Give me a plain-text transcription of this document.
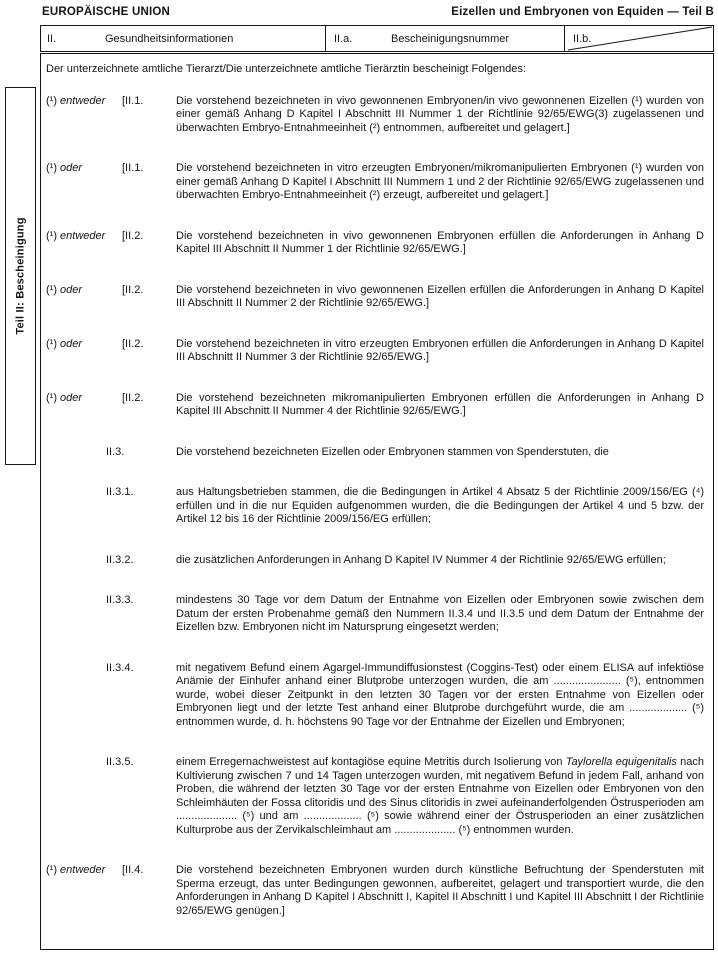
EUROPÄISCHE UNION	Eizellen und Embryonen von Equiden — Teil B
II.	Gesundheitsinformationen	II.a.	Bescheinigungsnummer	II.b.
Teil II: Bescheinigung
Der unterzeichnete amtliche Tierarzt/Die unterzeichnete amtliche Tierärztin bescheinigt Folgendes:
(¹) entweder	[II.1.	Die vorstehend bezeichneten in vivo gewonnenen Embryonen/in vivo gewonnenen Eizellen (¹) wurden von einer gemäß Anhang D Kapitel I Abschnitt III Nummer 1 der Richtlinie 92/65/EWG(3) zugelassenen und überwachten Embryo-Entnahmeeinheit (²) entnommen, aufbereitet und gelagert.]
(¹) oder	[II.1.	Die vorstehend bezeichneten in vitro erzeugten Embryonen/mikromanipulierten Embryonen (¹) wurden von einer gemäß Anhang D Kapitel I Abschnitt III Nummern 1 und 2 der Richtlinie 92/65/EWG zugelassenen und überwachten Embryo-Entnahmeeinheit (²) erzeugt, aufbereitet und gelagert.]
(¹) entweder	[II.2.	Die vorstehend bezeichneten in vivo gewonnenen Embryonen erfüllen die Anforderungen in Anhang D Kapitel III Abschnitt II Nummer 1 der Richtlinie 92/65/EWG.]
(¹) oder	[II.2.	Die vorstehend bezeichneten in vivo gewonnenen Eizellen erfüllen die Anforderungen in Anhang D Kapitel III Abschnitt II Nummer 2 der Richtlinie 92/65/EWG.]
(¹) oder	[II.2.	Die vorstehend bezeichneten in vitro erzeugten Embryonen erfüllen die Anforderungen in Anhang D Kapitel III Abschnitt II Nummer 3 der Richtlinie 92/65/EWG.]
(¹) oder	[II.2.	Die vorstehend bezeichneten mikromanipulierten Embryonen erfüllen die Anforderungen in Anhang D Kapitel III Abschnitt II Nummer 4 der Richtlinie 92/65/EWG.]
II.3.	Die vorstehend bezeichneten Eizellen oder Embryonen stammen von Spenderstuten, die
II.3.1.	aus Haltungsbetrieben stammen, die die Bedingungen in Artikel 4 Absatz 5 der Richtlinie 2009/156/EG (⁴) erfüllen und in die nur Equiden aufgenommen wurden, die die Bedingungen der Artikel 4 und 5 bzw. der Artikel 12 bis 16 der Richtlinie 2009/156/EG erfüllen;
II.3.2.	die zusätzlichen Anforderungen in Anhang D Kapitel IV Nummer 4 der Richtlinie 92/65/EWG erfüllen;
II.3.3.	mindestens 30 Tage vor dem Datum der Entnahme von Eizellen oder Embryonen sowie zwischen dem Datum der ersten Probenahme gemäß den Nummern II.3.4 und II.3.5 und dem Datum der Entnahme der Eizellen bzw. Embryonen nicht im Natursprung eingesetzt werden;
II.3.4.	mit negativem Befund einem Agargel-Immundiffusionstest (Coggins-Test) oder einem ELISA auf infektiöse Anämie der Einhufer anhand einer Blutprobe unterzogen wurden, die am ...................... (⁵), entnommen wurde, wobei dieser Zeitpunkt in den letzten 30 Tagen vor der ersten Entnahme von Eizellen oder Embryonen liegt und der letzte Test anhand einer Blutprobe durchgeführt wurde, die am ................... (⁵) entnommen wurde, d. h. höchstens 90 Tage vor der Entnahme der Eizellen und Embryonen;
II.3.5.	einem Erregernachweistest auf kontagiöse equine Metritis durch Isolierung von Taylorella equigenitalis nach Kultivierung zwischen 7 und 14 Tagen unterzogen wurden, mit negativem Befund in jedem Fall, anhand von Proben, die während der letzten 30 Tage vor der ersten Entnahme von Eizellen oder Embryonen von den Schleimhäuten der Fossa clitoridis und des Sinus clitoridis in zwei aufeinanderfolgenden Östrusperioden am .................... (⁵) und am ................... (⁵) sowie während einer der Östrusperioden an einer zusätzlichen Kulturprobe aus der Zervikalschleimhaut am .................... (⁵) entnommen wurden.
(¹) entweder	[II.4.	Die vorstehend bezeichneten Embryonen wurden durch künstliche Befruchtung der Spenderstuten mit Sperma erzeugt, das unter Bedingungen gewonnen, aufbereitet, gelagert und transportiert wurde, die den Anforderungen in Anhang D Kapitel I Abschnitt I, Kapitel II Abschnitt I und Kapitel III Abschnitt I der Richtlinie 92/65/EWG genügen.]
